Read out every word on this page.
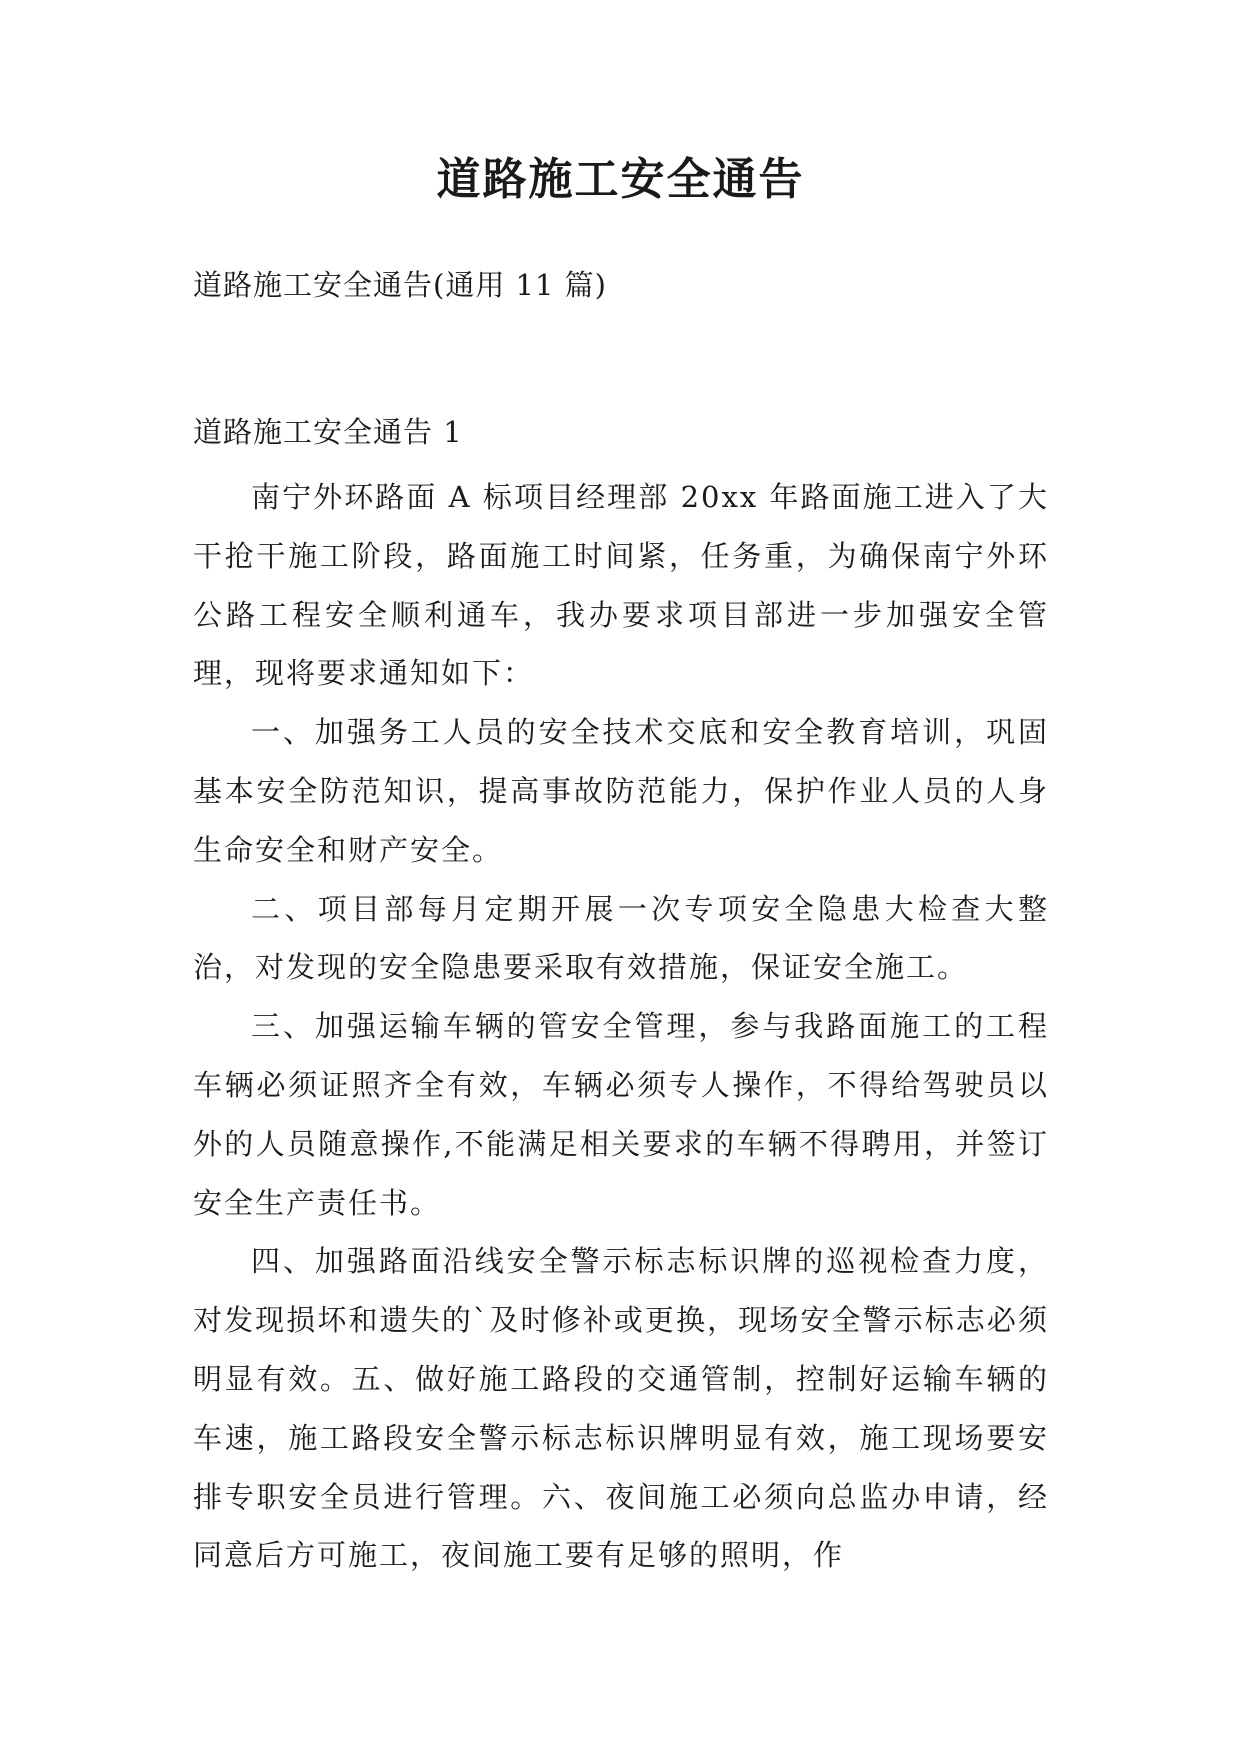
道路施工安全通告

道路施工安全通告(通用 11 篇)

道路施工安全通告 1

南宁外环路面 A 标项目经理部 20xx 年路面施工进入了大干抢干施工阶段，路面施工时间紧，任务重，为确保南宁外环公路工程安全顺利通车，我办要求项目部进一步加强安全管理，现将要求通知如下：

一、加强务工人员的安全技术交底和安全教育培训，巩固基本安全防范知识，提高事故防范能力，保护作业人员的人身生命安全和财产安全。

二、项目部每月定期开展一次专项安全隐患大检查大整治，对发现的安全隐患要采取有效措施，保证安全施工。

三、加强运输车辆的管安全管理，参与我路面施工的工程车辆必须证照齐全有效，车辆必须专人操作，不得给驾驶员以外的人员随意操作,不能满足相关要求的车辆不得聘用，并签订安全生产责任书。

四、加强路面沿线安全警示标志标识牌的巡视检查力度，对发现损坏和遗失的`及时修补或更换，现场安全警示标志必须明显有效。五、做好施工路段的交通管制，控制好运输车辆的车速，施工路段安全警示标志标识牌明显有效，施工现场要安排专职安全员进行管理。六、夜间施工必须向总监办申请，经同意后方可施工，夜间施工要有足够的照明，作
